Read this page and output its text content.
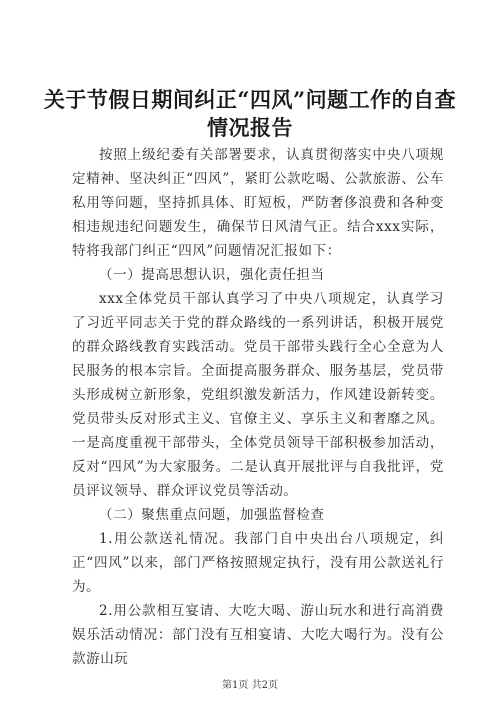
关于节假日期间纠正“四风”问题工作的自查情况报告

按照上级纪委有关部署要求，认真贯彻落实中央八项规定精神、坚决纠正“四风”，紧盯公款吃喝、公款旅游、公车私用等问题，坚持抓具体、盯短板，严防奢侈浪费和各种变相违规违纪问题发生，确保节日风清气正。结合xxx实际，特将我部门纠正“四风”问题情况汇报如下：

（一）提高思想认识，强化责任担当

xxx全体党员干部认真学习了中央八项规定，认真学习了习近平同志关于党的群众路线的一系列讲话，积极开展党的群众路线教育实践活动。党员干部带头践行全心全意为人民服务的根本宗旨。全面提高服务群众、服务基层，党员带头形成树立新形象，党组织激发新活力，作风建设新转变。党员带头反对形式主义、官僚主义、享乐主义和奢靡之风。一是高度重视干部带头，全体党员领导干部积极参加活动，反对“四风”为大家服务。二是认真开展批评与自我批评，党员评议领导、群众评议党员等活动。

（二）聚焦重点问题，加强监督检查

1.用公款送礼情况。我部门自中央出台八项规定，纠正“四风”以来，部门严格按照规定执行，没有用公款送礼行为。

2.用公款相互宴请、大吃大喝、游山玩水和进行高消费娱乐活动情况：部门没有互相宴请、大吃大喝行为。没有公款游山玩

第1页 共2页
